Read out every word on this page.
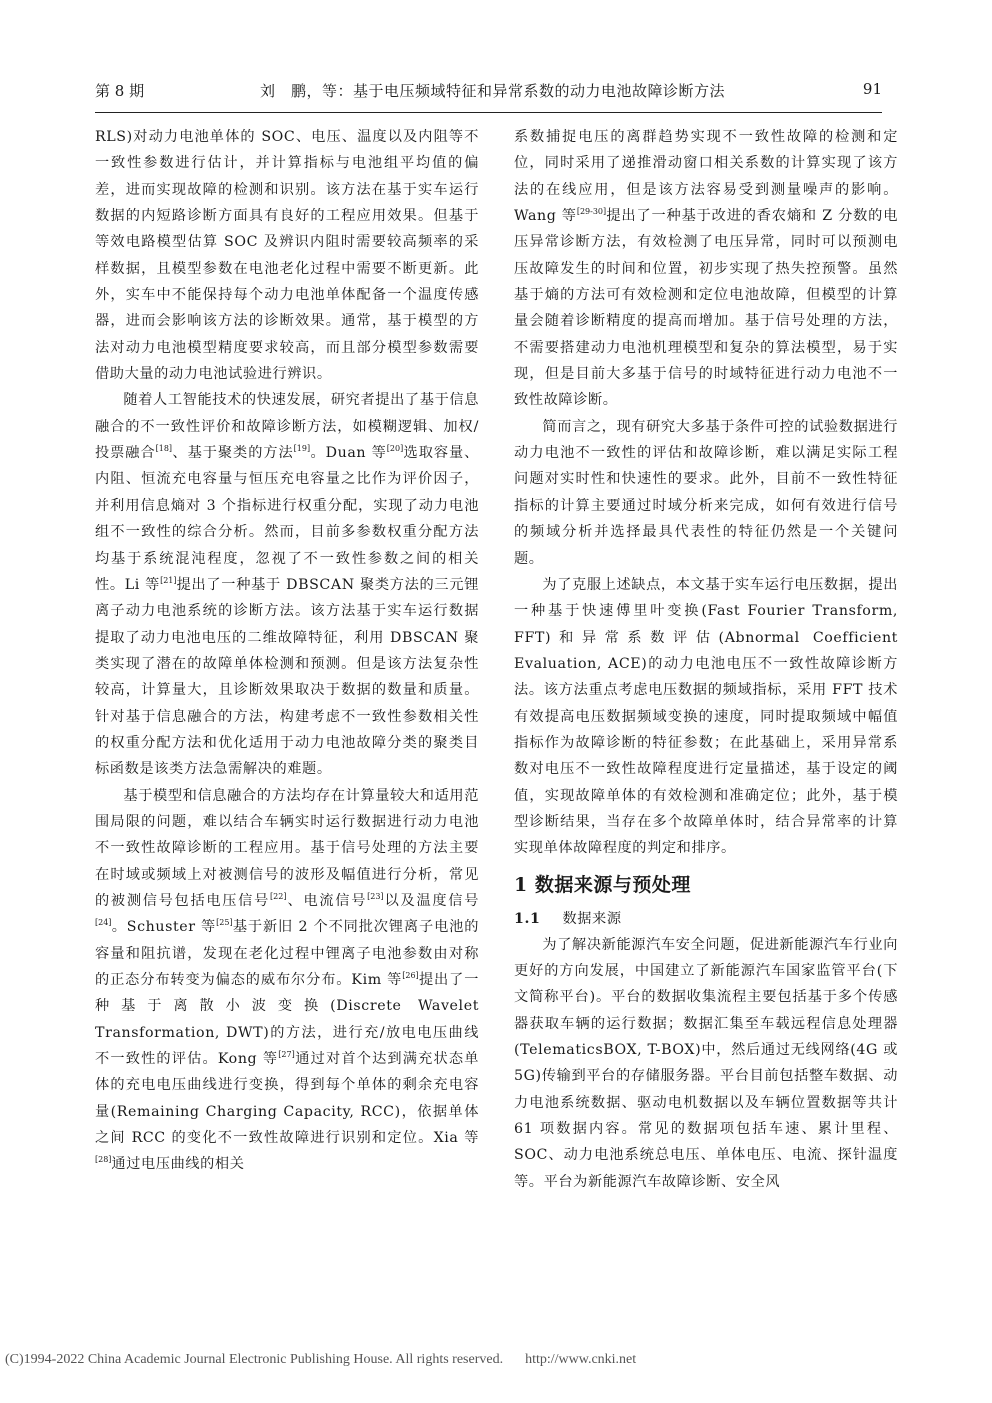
第 8 期	刘　鹏，等：基于电压频域特征和异常系数的动力电池故障诊断方法	91

RLS)对动力电池单体的 SOC、电压、温度以及内阻等不一致性参数进行估计，并计算指标与电池组平均值的偏差，进而实现故障的检测和识别。该方法在基于实车运行数据的内短路诊断方面具有良好的工程应用效果。但基于等效电路模型估算 SOC 及辨识内阻时需要较高频率的采样数据，且模型参数在电池老化过程中需要不断更新。此外，实车中不能保持每个动力电池单体配备一个温度传感器，进而会影响该方法的诊断效果。通常，基于模型的方法对动力电池模型精度要求较高，而且部分模型参数需要借助大量的动力电池试验进行辨识。

随着人工智能技术的快速发展，研究者提出了基于信息融合的不一致性评价和故障诊断方法，如模糊逻辑、加权/投票融合[18]、基于聚类的方法[19]。Duan 等[20]选取容量、内阻、恒流充电容量与恒压充电容量之比作为评价因子，并利用信息熵对 3 个指标进行权重分配，实现了动力电池组不一致性的综合分析。然而，目前多参数权重分配方法均基于系统混沌程度，忽视了不一致性参数之间的相关性。Li 等[21]提出了一种基于 DBSCAN 聚类方法的三元锂离子动力电池系统的诊断方法。该方法基于实车运行数据提取了动力电池电压的二维故障特征，利用 DBSCAN 聚类实现了潜在的故障单体检测和预测。但是该方法复杂性较高，计算量大，且诊断效果取决于数据的数量和质量。针对基于信息融合的方法，构建考虑不一致性参数相关性的权重分配方法和优化适用于动力电池故障分类的聚类目标函数是该类方法急需解决的难题。

基于模型和信息融合的方法均存在计算量较大和适用范围局限的问题，难以结合车辆实时运行数据进行动力电池不一致性故障诊断的工程应用。基于信号处理的方法主要在时域或频域上对被测信号的波形及幅值进行分析，常见的被测信号包括电压信号[22]、电流信号[23]以及温度信号[24]。Schuster 等[25]基于新旧 2 个不同批次锂离子电池的容量和阻抗谱，发现在老化过程中锂离子电池参数由对称的正态分布转变为偏态的威布尔分布。Kim 等[26]提出了一种基于离散小波变换(Discrete Wavelet Transformation, DWT)的方法，进行充/放电电压曲线不一致性的评估。Kong 等[27]通过对首个达到满充状态单体的充电电压曲线进行变换，得到每个单体的剩余充电容量(Remaining Charging Capacity, RCC)，依据单体之间 RCC 的变化不一致性故障进行识别和定位。Xia 等[28]通过电压曲线的相关

系数捕捉电压的离群趋势实现不一致性故障的检测和定位，同时采用了递推滑动窗口相关系数的计算实现了该方法的在线应用，但是该方法容易受到测量噪声的影响。Wang 等[29-30]提出了一种基于改进的香农熵和 Z 分数的电压异常诊断方法，有效检测了电压异常，同时可以预测电压故障发生的时间和位置，初步实现了热失控预警。虽然基于熵的方法可有效检测和定位电池故障，但模型的计算量会随着诊断精度的提高而增加。基于信号处理的方法，不需要搭建动力电池机理模型和复杂的算法模型，易于实现，但是目前大多基于信号的时域特征进行动力电池不一致性故障诊断。

简而言之，现有研究大多基于条件可控的试验数据进行动力电池不一致性的评估和故障诊断，难以满足实际工程问题对实时性和快速性的要求。此外，目前不一致性特征指标的计算主要通过时域分析来完成，如何有效进行信号的频域分析并选择最具代表性的特征仍然是一个关键问题。

为了克服上述缺点，本文基于实车运行电压数据，提出一种基于快速傅里叶变换(Fast Fourier Transform, FFT)和异常系数评估(Abnormal Coefficient Evaluation, ACE)的动力电池电压不一致性故障诊断方法。该方法重点考虑电压数据的频域指标，采用 FFT 技术有效提高电压数据频域变换的速度，同时提取频域中幅值指标作为故障诊断的特征参数；在此基础上，采用异常系数对电压不一致性故障程度进行定量描述，基于设定的阈值，实现故障单体的有效检测和准确定位；此外，基于模型诊断结果，当存在多个故障单体时，结合异常率的计算实现单体故障程度的判定和排序。

1 数据来源与预处理
1.1 数据来源

为了解决新能源汽车安全问题，促进新能源汽车行业向更好的方向发展，中国建立了新能源汽车国家监管平台(下文简称平台)。平台的数据收集流程主要包括基于多个传感器获取车辆的运行数据；数据汇集至车载远程信息处理器(TelematicsBOX, T-BOX)中，然后通过无线网络(4G 或 5G)传输到平台的存储服务器。平台目前包括整车数据、动力电池系统数据、驱动电机数据以及车辆位置数据等共计 61 项数据内容。常见的数据项包括车速、累计里程、SOC、动力电池系统总电压、单体电压、电流、探针温度等。平台为新能源汽车故障诊断、安全风

(C)1994-2022 China Academic Journal Electronic Publishing House. All rights reserved. http://www.cnki.net
